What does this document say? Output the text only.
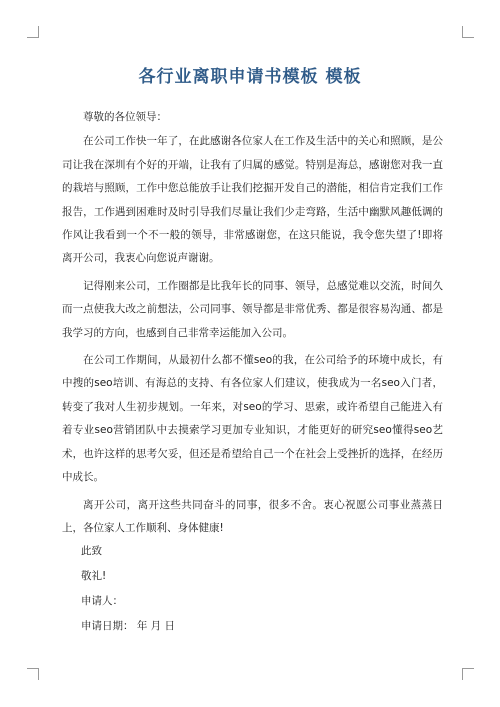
各行业离职申请书模板 模板

尊敬的各位领导：

在公司工作快一年了，在此感谢各位家人在工作及生活中的关心和照顾，是公司让我在深圳有个好的开端，让我有了归属的感觉。特别是海总，感谢您对我一直的栽培与照顾，工作中您总能放手让我们挖掘开发自己的潜能，相信肯定我们工作报告，工作遇到困难时及时引导我们尽量让我们少走弯路，生活中幽默风趣低调的作风让我看到一个不一般的领导，非常感谢您，在这只能说，我令您失望了!即将离开公司，我衷心向您说声谢谢。

记得刚来公司，工作圈都是比我年长的同事、领导，总感觉难以交流，时间久而一点使我大改之前想法，公司同事、领导都是非常优秀、都是很容易沟通、都是我学习的方向，也感到自己非常幸运能加入公司。

在公司工作期间，从最初什么都不懂seo的我，在公司给予的环境中成长，有中搜的seo培训、有海总的支持、有各位家人们建议，使我成为一名seo入门者，转变了我对人生初步规划。一年来，对seo的学习、思索，或许希望自己能进入有着专业seo营销团队中去摸索学习更加专业知识，才能更好的研究seo懂得seo艺术，也许这样的思考欠妥，但还是希望给自己一个在社会上受挫折的选择，在经历中成长。

离开公司，离开这些共同奋斗的同事，很多不舍。衷心祝愿公司事业蒸蒸日上，各位家人工作顺利、身体健康!

此致
敬礼!
申请人：
申请日期： 年 月 日
